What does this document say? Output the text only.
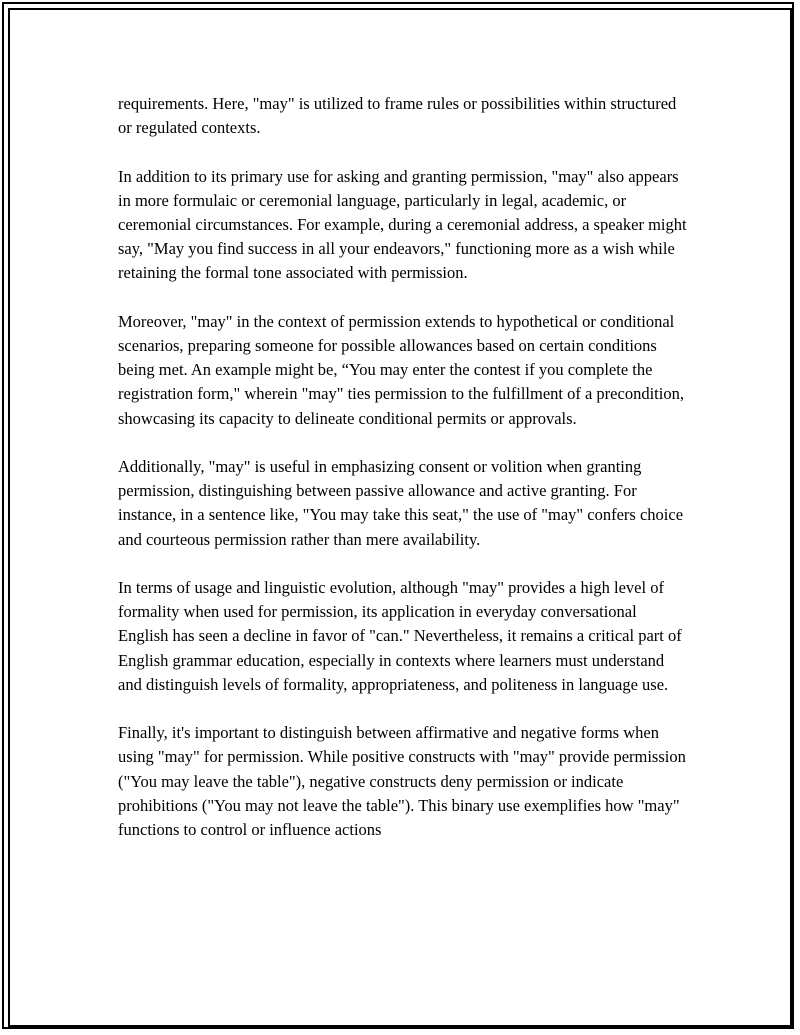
requirements. Here, "may" is utilized to frame rules or possibilities within structured or regulated contexts.

In addition to its primary use for asking and granting permission, "may" also appears in more formulaic or ceremonial language, particularly in legal, academic, or ceremonial circumstances. For example, during a ceremonial address, a speaker might say, "May you find success in all your endeavors," functioning more as a wish while retaining the formal tone associated with permission.

Moreover, "may" in the context of permission extends to hypothetical or conditional scenarios, preparing someone for possible allowances based on certain conditions being met. An example might be, “You may enter the contest if you complete the registration form," wherein "may" ties permission to the fulfillment of a precondition, showcasing its capacity to delineate conditional permits or approvals.

Additionally, "may" is useful in emphasizing consent or volition when granting permission, distinguishing between passive allowance and active granting. For instance, in a sentence like, "You may take this seat," the use of "may" confers choice and courteous permission rather than mere availability.

In terms of usage and linguistic evolution, although "may" provides a high level of formality when used for permission, its application in everyday conversational English has seen a decline in favor of "can." Nevertheless, it remains a critical part of English grammar education, especially in contexts where learners must understand and distinguish levels of formality, appropriateness, and politeness in language use.

Finally, it's important to distinguish between affirmative and negative forms when using "may" for permission. While positive constructs with "may" provide permission ("You may leave the table"), negative constructs deny permission or indicate prohibitions ("You may not leave the table"). This binary use exemplifies how "may" functions to control or influence actions
